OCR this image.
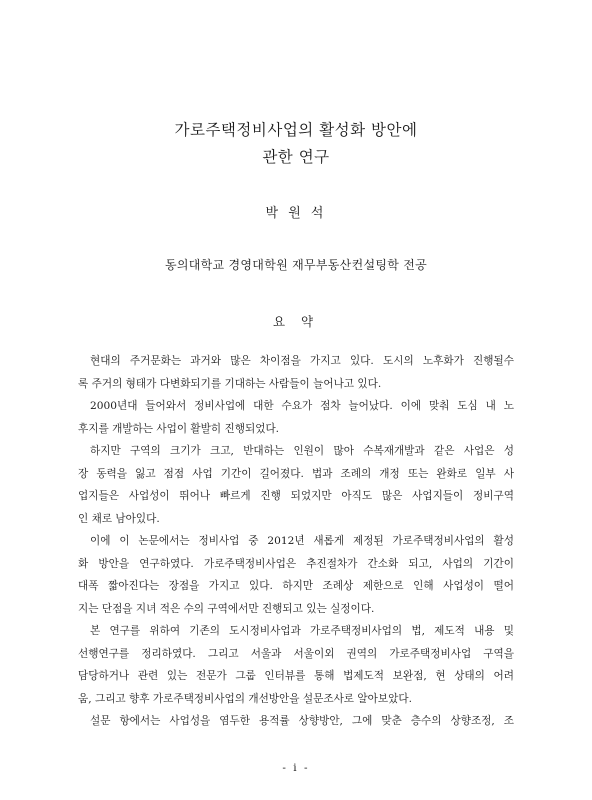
가로주택정비사업의 활성화 방안에
관한 연구
박 원 석
동의대학교 경영대학원 재무부동산컨설팅학 전공
요 약
현대의 주거문화는 과거와 많은 차이점을 가지고 있다. 도시의 노후화가 진행될수
록 주거의 형태가 다변화되기를 기대하는 사람들이 늘어나고 있다.
2000년대 들어와서 정비사업에 대한 수요가 점차 늘어났다. 이에 맞춰 도심 내 노
후지를 개발하는 사업이 활발히 진행되었다.
하지만 구역의 크기가 크고, 반대하는 인원이 많아 수복재개발과 같은 사업은 성
장 동력을 잃고 점점 사업 기간이 길어졌다. 법과 조례의 개정 또는 완화로 일부 사
업지들은 사업성이 뛰어나 빠르게 진행 되었지만 아직도 많은 사업지들이 정비구역
인 채로 남아있다.
이에 이 논문에서는 정비사업 중 2012년 새롭게 제정된 가로주택정비사업의 활성
화 방안을 연구하였다. 가로주택정비사업은 추진절차가 간소화 되고, 사업의 기간이
대폭 짧아진다는 장점을 가지고 있다. 하지만 조례상 제한으로 인해 사업성이 떨어
지는 단점을 지녀 적은 수의 구역에서만 진행되고 있는 실정이다.
본 연구를 위하여 기존의 도시정비사업과 가로주택정비사업의 법, 제도적 내용 및
선행연구를 정리하였다. 그리고 서울과 서울이외 권역의 가로주택정비사업 구역을
담당하거나 관련 있는 전문가 그룹 인터뷰를 통해 법제도적 보완점, 현 상태의 어려
움, 그리고 향후 가로주택정비사업의 개선방안을 설문조사로 알아보았다.
설문 항에서는 사업성을 염두한 용적률 상향방안, 그에 맞춘 층수의 상향조정, 조
- i -
